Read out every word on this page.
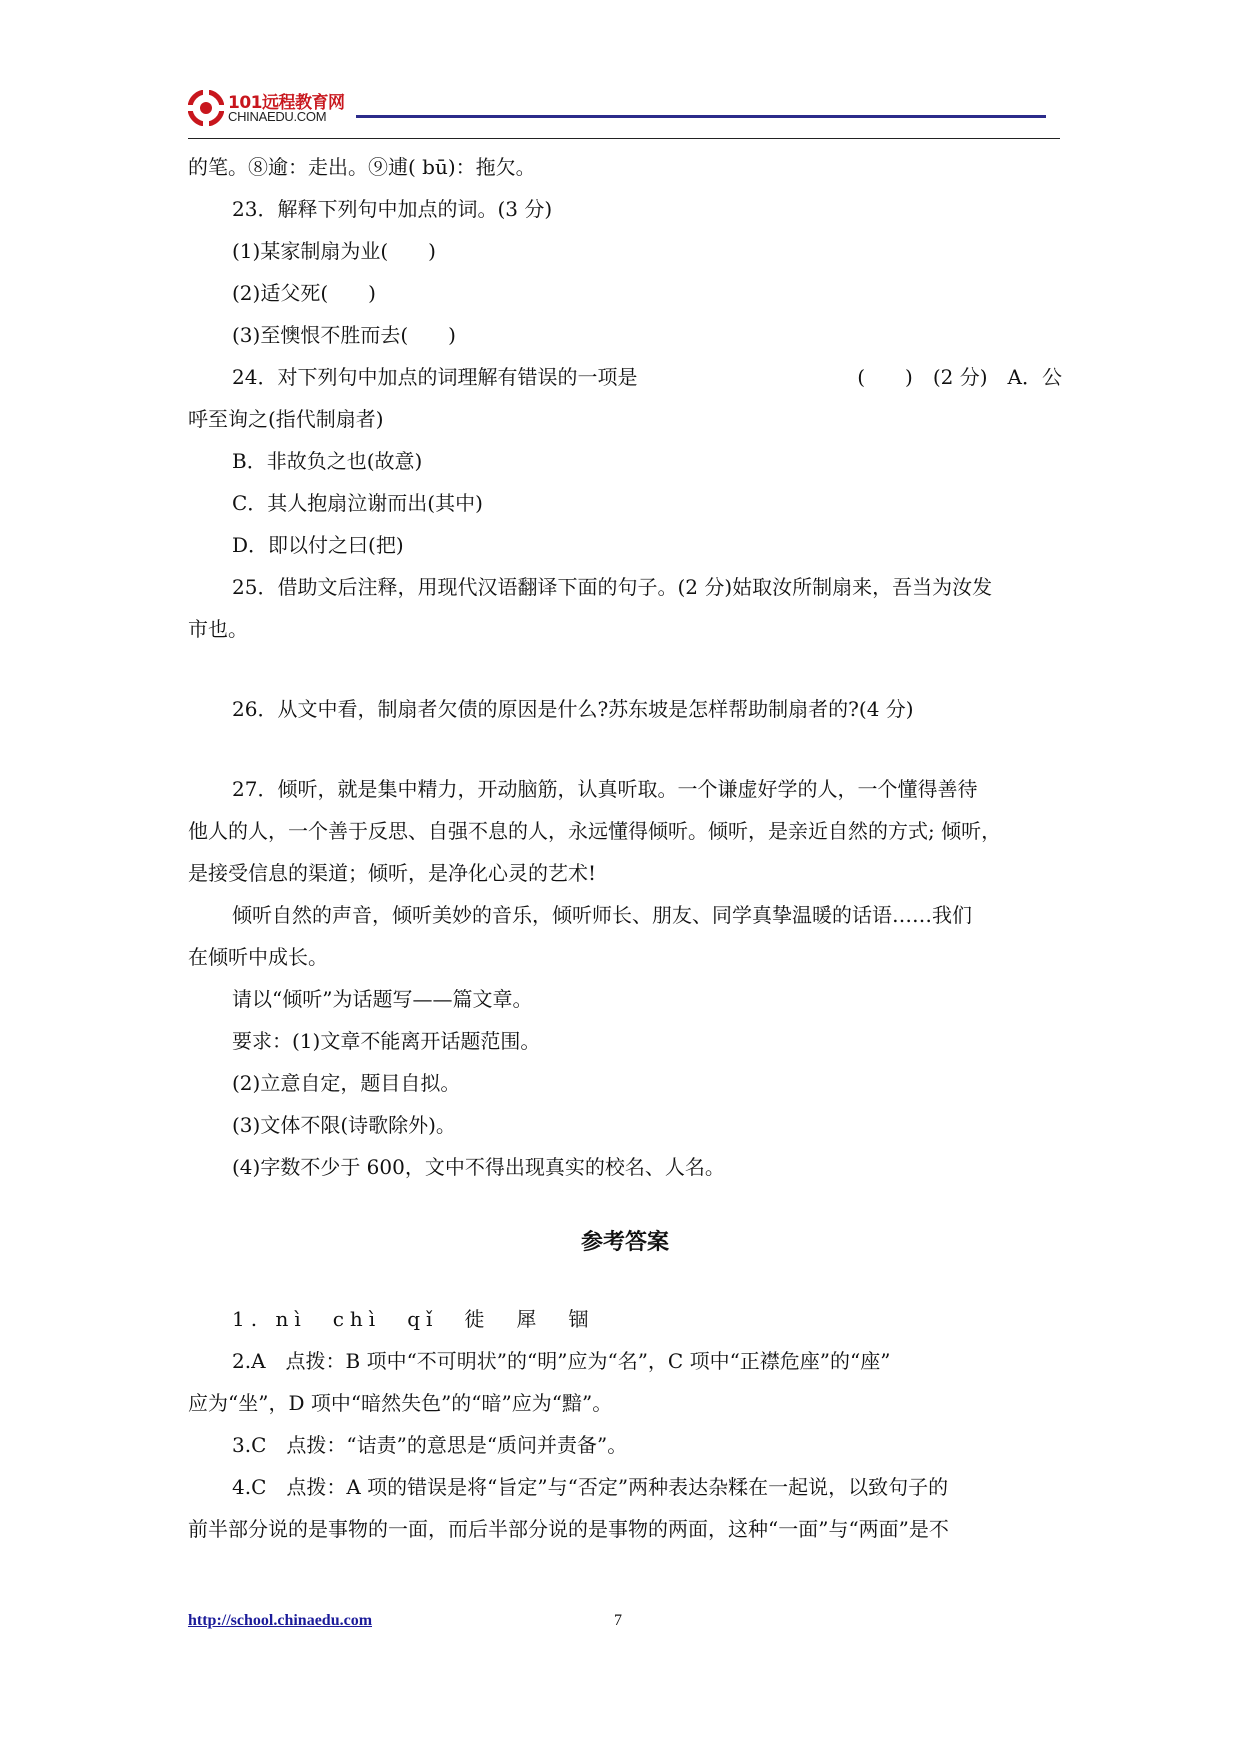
101远程教育网
CHINAEDU.COM
的笔。⑧逾：走出。⑨逋( bū)：拖欠。
23．解释下列句中加点的词。(3 分)
(1)某家制扇为业(　　)
(2)适父死(　　)
(3)至懊恨不胜而去(　　)
24．对下列句中加点的词理解有错误的一项是	(　　)　(2 分)　A．公
呼至询之(指代制扇者)
B．非故负之也(故意)
C．其人抱扇泣谢而出(其中)
D．即以付之曰(把)
25．借助文后注释，用现代汉语翻译下面的句子。(2 分)姑取汝所制扇来，吾当为汝发
市也。
26．从文中看，制扇者欠债的原因是什么?苏东坡是怎样帮助制扇者的?(4 分)
27．倾听，就是集中精力，开动脑筋，认真听取。一个谦虚好学的人，一个懂得善待
他人的人，一个善于反思、自强不息的人，永远懂得倾听。倾听，是亲近自然的方式; 倾听，
是接受信息的渠道；倾听，是净化心灵的艺术!
倾听自然的声音，倾听美妙的音乐，倾听师长、朋友、同学真挚温暖的话语……我们
在倾听中成长。
请以“倾听”为话题写——篇文章。
要求：(1)文章不能离开话题范围。
(2)立意自定，题目自拟。
(3)文体不限(诗歌除外)。
(4)字数不少于 600，文中不得出现真实的校名、人名。
参考答案
1. nì　chì　qǐ　徙　犀　锢
2.A　点拨：B 项中“不可明状”的“明”应为“名”，C 项中“正襟危座”的“座”
应为“坐”，D 项中“暗然失色”的“暗”应为“黯”。
3.C　点拨：“诘责”的意思是“质问并责备”。
4.C　点拨：A 项的错误是将“旨定”与“否定”两种表达杂糅在一起说，以致句子的
前半部分说的是事物的一面，而后半部分说的是事物的两面，这种“一面”与“两面”是不
http://school.chinaedu.com	7
